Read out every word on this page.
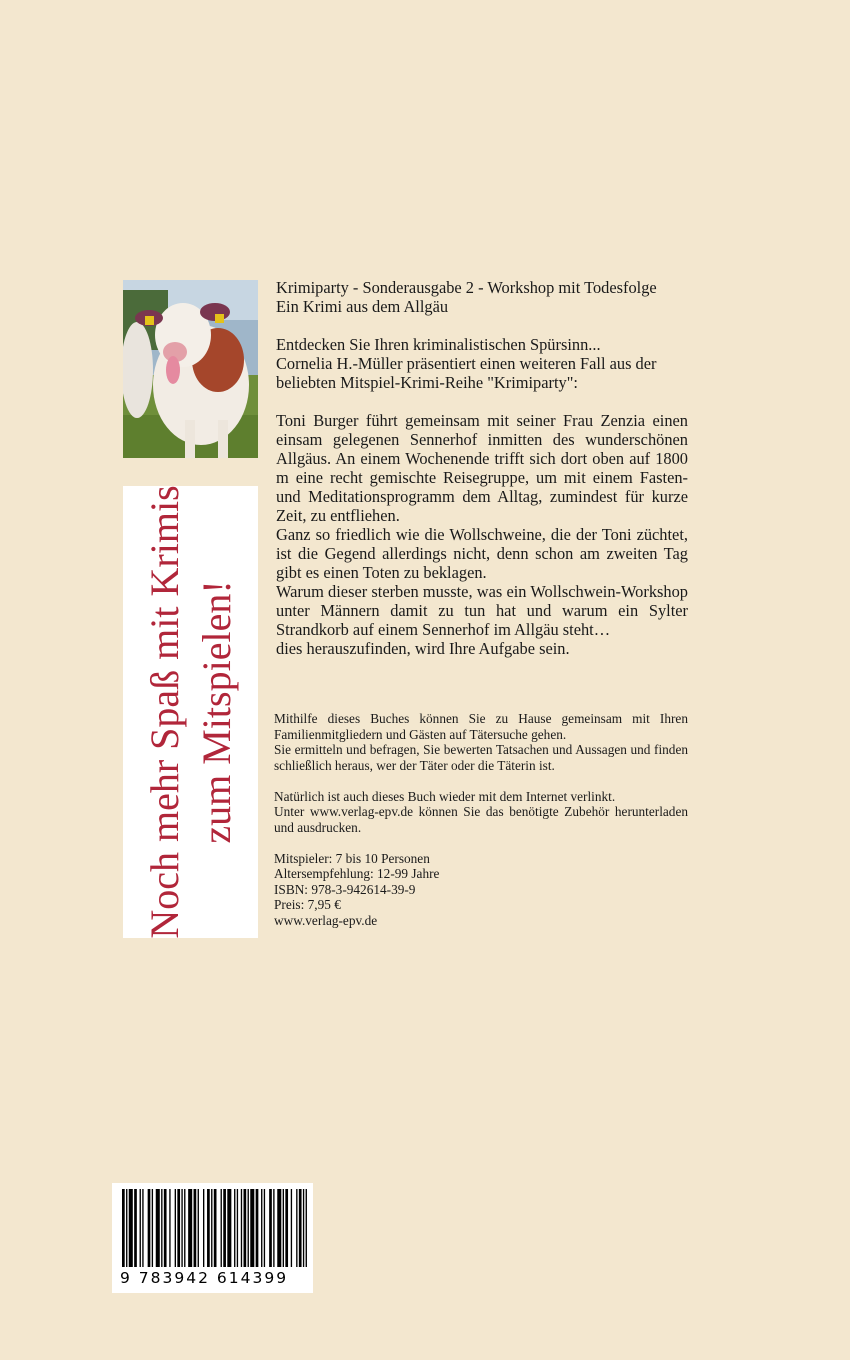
Noch mehr Spaß mit Krimis zum Mitspielen!

Krimiparty - Sonderausgabe 2 - Workshop mit Todesfolge

Ein Krimi aus dem Allgäu

Entdecken Sie Ihren kriminalistischen Spürsinn...

Cornelia H.-Müller präsentiert einen weiteren Fall aus der beliebten Mitspiel-Krimi-Reihe "Krimiparty":

Toni Burger führt gemeinsam mit seiner Frau Zenzia einen einsam gelegenen Sennerhof inmitten des wunderschönen Allgäus. An einem Wochenende trifft sich dort oben auf 1800 m eine recht gemischte Reisegruppe, um mit einem Fasten- und Meditationsprogramm dem Alltag, zumindest für kurze Zeit, zu entfliehen.

Ganz so friedlich wie die Wollschweine, die der Toni züchtet, ist die Gegend allerdings nicht, denn schon am zweiten Tag gibt es einen Toten zu beklagen.

Warum dieser sterben musste, was ein Wollschwein-Workshop unter Männern damit zu tun hat und warum ein Sylter Strandkorb auf einem Sennerhof im Allgäu steht…

dies herauszufinden, wird Ihre Aufgabe sein.

Mithilfe dieses Buches können Sie zu Hause gemeinsam mit Ihren Familienmitgliedern und Gästen auf Tätersuche gehen.

Sie ermitteln und befragen, Sie bewerten Tatsachen und Aussagen und finden schließlich heraus, wer der Täter oder die Täterin ist.

Natürlich ist auch dieses Buch wieder mit dem Internet verlinkt.

Unter www.verlag-epv.de können Sie das benötigte Zubehör herunterladen und ausdrucken.

Mitspieler: 7 bis 10 Personen

Altersempfehlung: 12-99 Jahre

ISBN: 978-3-942614-39-9

Preis: 7,95 €

www.verlag-epv.de

9 783942 614399
